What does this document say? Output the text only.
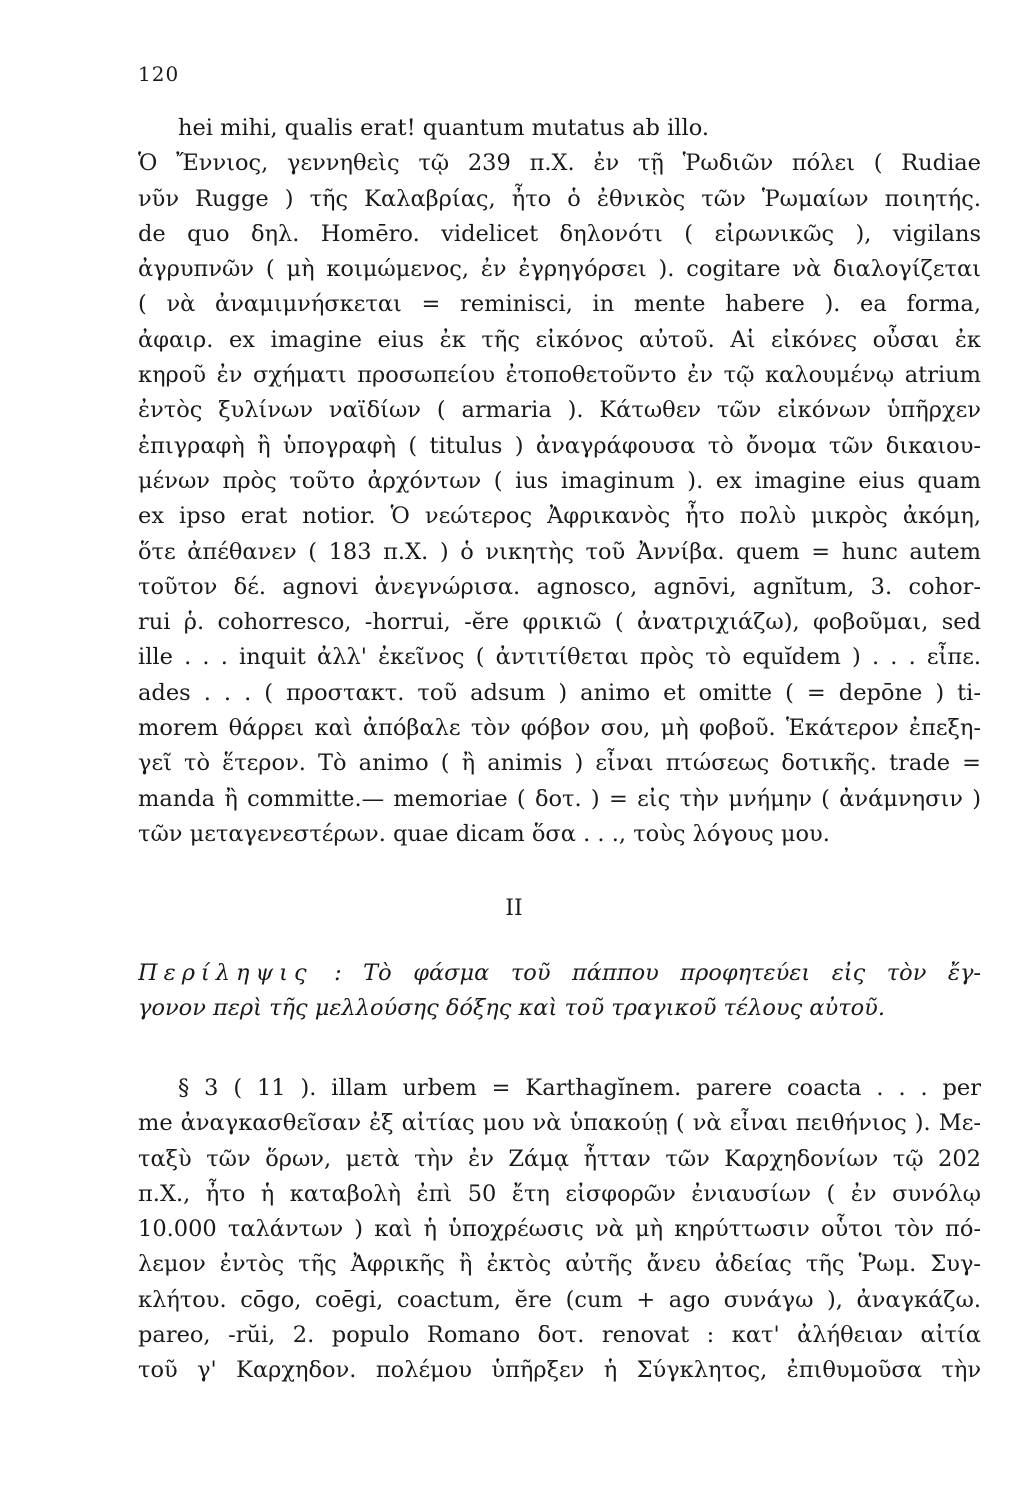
120
hei mihi, qualis erat! quantum mutatus ab illo.
Ὁ Ἔννιος, γεννηθεὶς τῷ 239 π.Χ. ἐν τῇ Ῥωδιῶν πόλει ( Rudiae
νῦν Rugge ) τῆς Καλαβρίας, ἦτο ὁ ἐθνικὸς τῶν Ῥωμαίων ποιητής.
de quo δηλ. Homēro. videlicet δηλονότι ( εἰρωνικῶς ), vigilans
ἀγρυπνῶν ( μὴ κοιμώμενος, ἐν ἐγρηγόρσει ). cogitare νὰ διαλογίζεται
( νὰ ἀναμιμνήσκεται = reminisci, in mente habere ). ea forma,
ἀφαιρ. ex imagine eius ἐκ τῆς εἰκόνος αὐτοῦ. Αἱ εἰκόνες οὖσαι ἐκ
κηροῦ ἐν σχήματι προσωπείου ἐτοποθετοῦντο ἐν τῷ καλουμένῳ atrium
ἐντὸς ξυλίνων ναϊδίων ( armaria ). Κάτωθεν τῶν εἰκόνων ὑπῆρχεν
ἐπιγραφὴ ἢ ὑπογραφὴ ( titulus ) ἀναγράφουσα τὸ ὄνομα τῶν δικαιου-
μένων πρὸς τοῦτο ἀρχόντων ( ius imaginum ). ex imagine eius quam
ex ipso erat notior. Ὁ νεώτερος Ἀφρικανὸς ἦτο πολὺ μικρὸς ἀκόμη,
ὅτε ἀπέθανεν ( 183 π.Χ. ) ὁ νικητὴς τοῦ Ἀννίβα. quem = hunc autem
τοῦτον δέ. agnovi ἀνεγνώρισα. agnosco, agnōvi, agnĭtum, 3. cohor-
rui ῥ. cohorresco, -horrui, -ĕre φρικιῶ ( ἀνατριχιάζω), φοβοῦμαι, sed
ille . . . inquit ἀλλ' ἐκεῖνος ( ἀντιτίθεται πρὸς τὸ equĭdem ) . . . εἶπε.
ades . . . ( προστακτ. τοῦ adsum ) animo et omitte ( = depōne ) ti-
morem θάρρει καὶ ἀπόβαλε τὸν φόβον σου, μὴ φοβοῦ. Ἑκάτερον ἐπεξη-
γεῖ τὸ ἕτερον. Τὸ animo ( ἢ animis ) εἶναι πτώσεως δοτικῆς. trade =
manda ἢ committe.— memoriae ( δοτ. ) = εἰς τὴν μνήμην ( ἀνάμνησιν )
τῶν μεταγενεστέρων. quae dicam ὅσα . . ., τοὺς λόγους μου.
II
Περίληψις : Τὸ φάσμα τοῦ πάππου προφητεύει εἰς τὸν ἔγ-
γονον περὶ τῆς μελλούσης δόξης καὶ τοῦ τραγικοῦ τέλους αὐτοῦ.
§ 3 ( 11 ). illam urbem = Karthagĭnem. parere coacta . . . per
me ἀναγκασθεῖσαν ἐξ αἰτίας μου νὰ ὑπακούῃ ( νὰ εἶναι πειθήνιος ). Με-
ταξὺ τῶν ὅρων, μετὰ τὴν ἐν Ζάμᾳ ἧτταν τῶν Καρχηδονίων τῷ 202
π.Χ., ἦτο ἡ καταβολὴ ἐπὶ 50 ἔτη εἰσφορῶν ἐνιαυσίων ( ἐν συνόλῳ
10.000 ταλάντων ) καὶ ἡ ὑποχρέωσις νὰ μὴ κηρύττωσιν οὗτοι τὸν πό-
λεμον ἐντὸς τῆς Ἀφρικῆς ἢ ἐκτὸς αὐτῆς ἄνευ ἀδείας τῆς Ῥωμ. Συγ-
κλήτου. cōgo, coēgi, coactum, ĕre (cum + ago συνάγω ), ἀναγκάζω.
pareo, -rŭi, 2. populo Romano δοτ. renovat : κατ' ἀλήθειαν αἰτία
τοῦ γ' Καρχηδον. πολέμου ὑπῆρξεν ἡ Σύγκλητος, ἐπιθυμοῦσα τὴν
